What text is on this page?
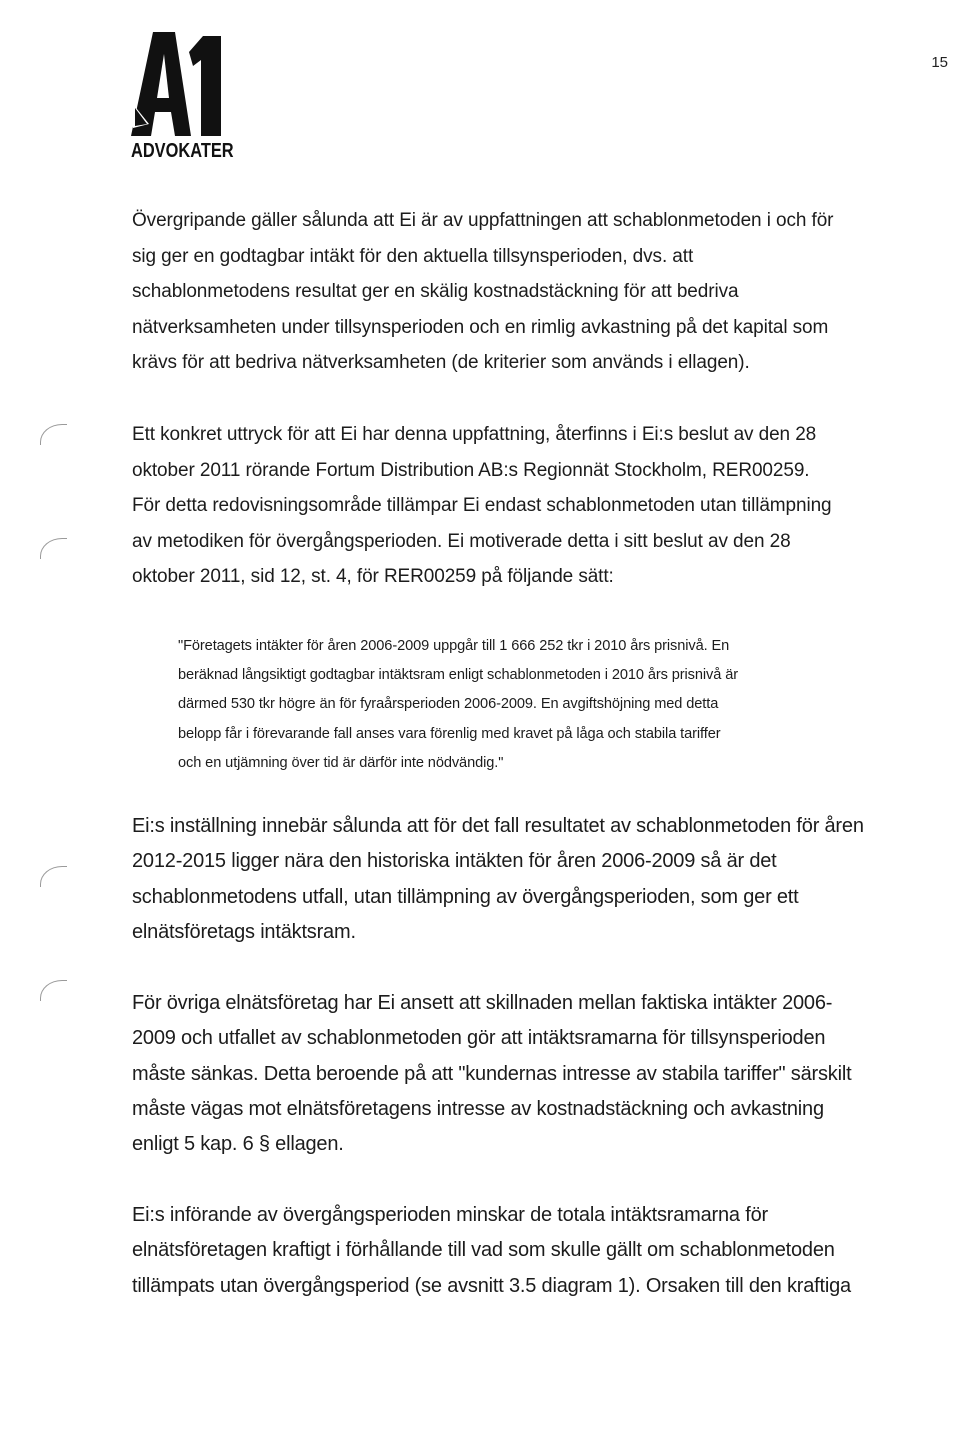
ADVOKATER
15

Övergripande gäller sålunda att Ei är av uppfattningen att schablonmetoden i och för
sig ger en godtagbar intäkt för den aktuella tillsynsperioden, dvs. att
schablonmetodens resultat ger en skälig kostnadstäckning för att bedriva
nätverksamheten under tillsynsperioden och en rimlig avkastning på det kapital som
krävs för att bedriva nätverksamheten (de kriterier som används i ellagen).

Ett konkret uttryck för att Ei har denna uppfattning, återfinns i Ei:s beslut av den 28
oktober 2011 rörande Fortum Distribution AB:s Regionnät Stockholm, RER00259.
För detta redovisningsområde tillämpar Ei endast schablonmetoden utan tillämpning
av metodiken för övergångsperioden. Ei motiverade detta i sitt beslut av den 28
oktober 2011, sid 12, st. 4, för RER00259 på följande sätt:

"Företagets intäkter för åren 2006-2009 uppgår till 1 666 252 tkr i 2010 års prisnivå. En
beräknad långsiktigt godtagbar intäktsram enligt schablonmetoden i 2010 års prisnivå är
därmed 530 tkr högre än för fyraårsperioden 2006-2009. En avgiftshöjning med detta
belopp får i förevarande fall anses vara förenlig med kravet på låga och stabila tariffer
och en utjämning över tid är därför inte nödvändig."

Ei:s inställning innebär sålunda att för det fall resultatet av schablonmetoden för åren
2012-2015 ligger nära den historiska intäkten för åren 2006-2009 så är det
schablonmetodens utfall, utan tillämpning av övergångsperioden, som ger ett
elnätsföretags intäktsram.

För övriga elnätsföretag har Ei ansett att skillnaden mellan faktiska intäkter 2006-
2009 och utfallet av schablonmetoden gör att intäktsramarna för tillsynsperioden
måste sänkas. Detta beroende på att "kundernas intresse av stabila tariffer" särskilt
måste vägas mot elnätsföretagens intresse av kostnadstäckning och avkastning
enligt 5 kap. 6 § ellagen.

Ei:s införande av övergångsperioden minskar de totala intäktsramarna för
elnätsföretagen kraftigt i förhållande till vad som skulle gällt om schablonmetoden
tillämpats utan övergångsperiod (se avsnitt 3.5 diagram 1). Orsaken till den kraftiga
